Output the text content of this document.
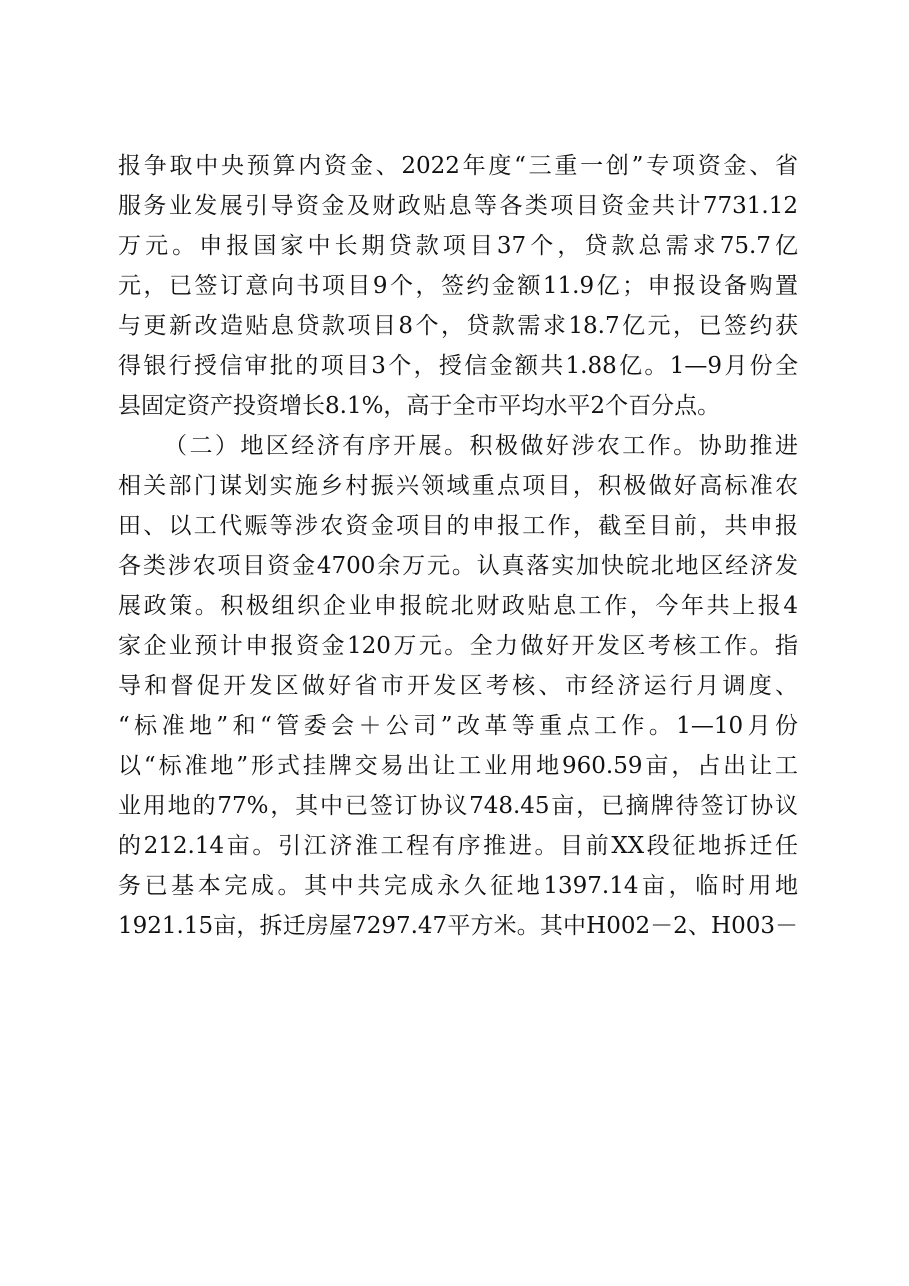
报争取中央预算内资金、2022年度“三重一创”专项资金、省
服务业发展引导资金及财政贴息等各类项目资金共计7731.12
万元。申报国家中长期贷款项目37个，贷款总需求75.7亿
元，已签订意向书项目9个，签约金额11.9亿；申报设备购置
与更新改造贴息贷款项目8个，贷款需求18.7亿元，已签约获
得银行授信审批的项目3个，授信金额共1.88亿。1—9月份全
县固定资产投资增长8.1%，高于全市平均水平2个百分点。
（二）地区经济有序开展。积极做好涉农工作。协助推进
相关部门谋划实施乡村振兴领域重点项目，积极做好高标准农
田、以工代赈等涉农资金项目的申报工作，截至目前，共申报
各类涉农项目资金4700余万元。认真落实加快皖北地区经济发
展政策。积极组织企业申报皖北财政贴息工作，今年共上报4
家企业预计申报资金120万元。全力做好开发区考核工作。指
导和督促开发区做好省市开发区考核、市经济运行月调度、
“标准地”和“管委会＋公司”改革等重点工作。1—10月份
以“标准地”形式挂牌交易出让工业用地960.59亩，占出让工
业用地的77%，其中已签订协议748.45亩，已摘牌待签订协议
的212.14亩。引江济淮工程有序推进。目前XX段征地拆迁任
务已基本完成。其中共完成永久征地1397.14亩，临时用地
1921.15亩，拆迁房屋7297.47平方米。其中H002－2、H003－
